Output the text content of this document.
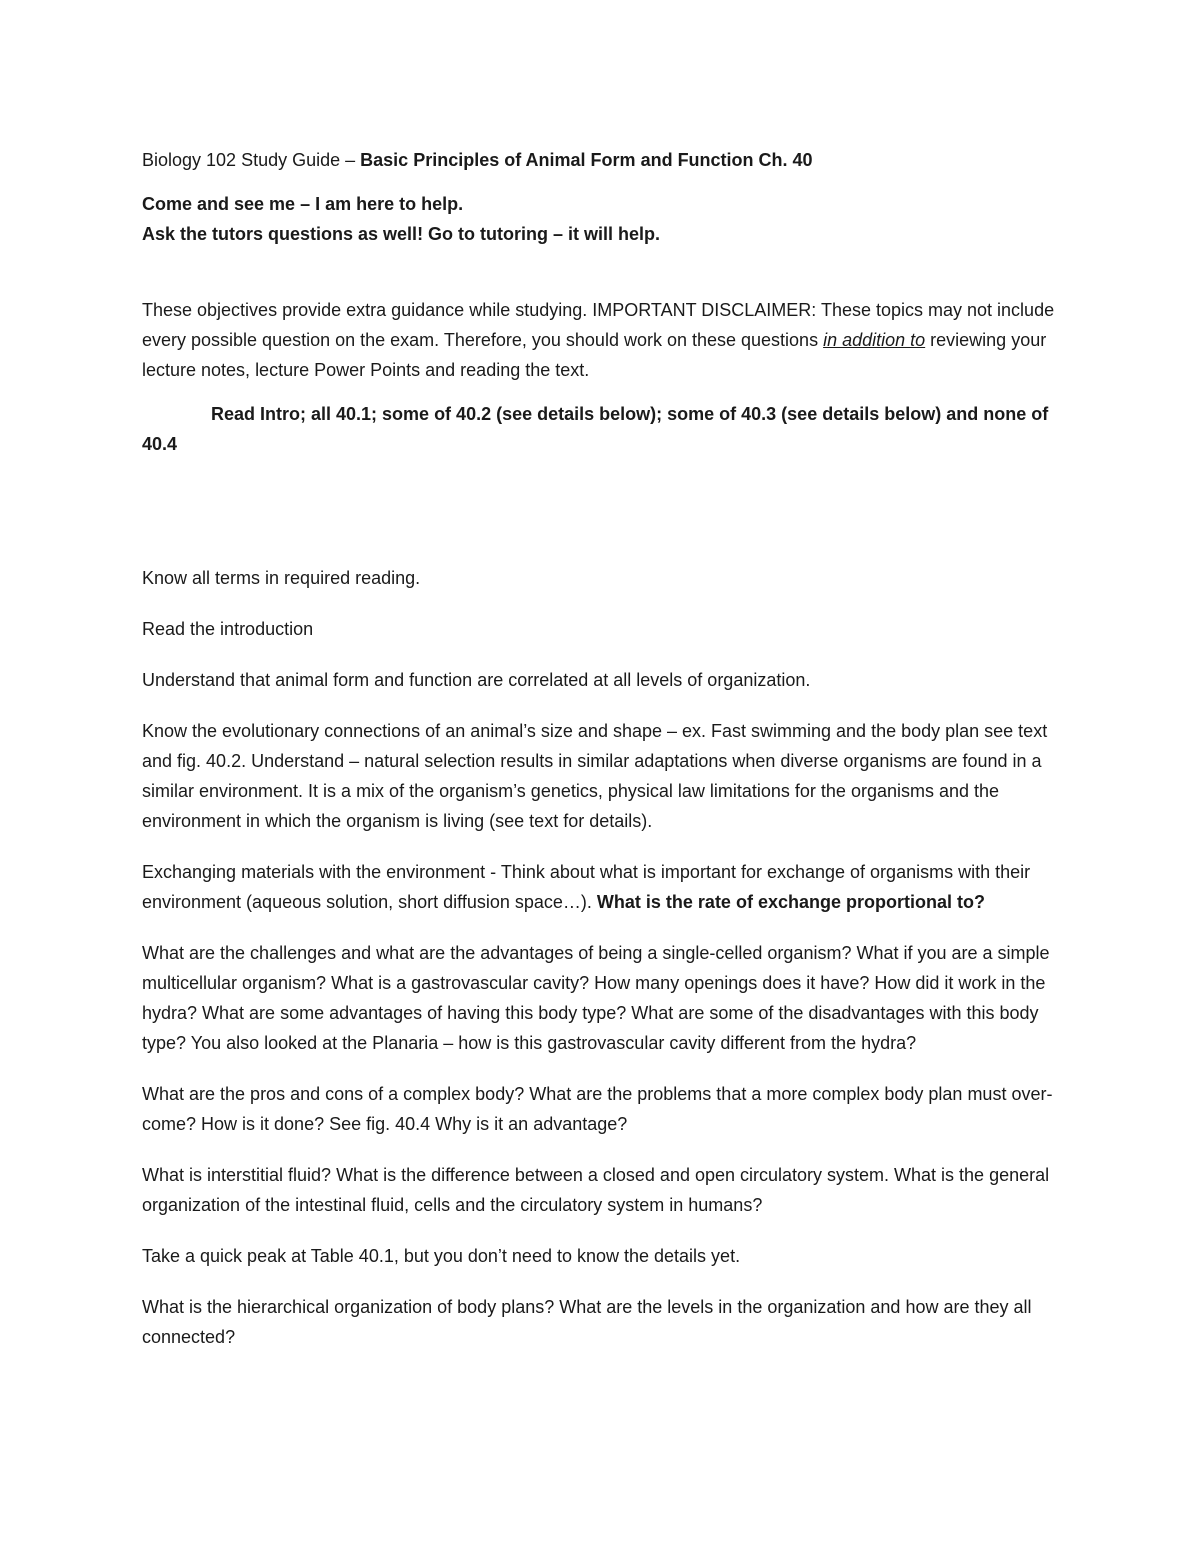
Biology 102 Study Guide – Basic Principles of Animal Form and Function Ch. 40

Come and see me – I am here to help.

Ask the tutors questions as well! Go to tutoring – it will help.

These objectives provide extra guidance while studying. IMPORTANT DISCLAIMER: These topics may not include every possible question on the exam. Therefore, you should work on these questions in addition to reviewing your lecture notes, lecture Power Points and reading the text.

Read Intro; all 40.1; some of 40.2 (see details below); some of 40.3 (see details below) and none of 40.4

Know all terms in required reading.

Read the introduction

Understand that animal form and function are correlated at all levels of organization.

Know the evolutionary connections of an animal’s size and shape – ex. Fast swimming and the body plan see text and fig. 40.2. Understand – natural selection results in similar adaptations when diverse organisms are found in a similar environment. It is a mix of the organism’s genetics, physical law limitations for the organisms and the environment in which the organism is living (see text for details).

Exchanging materials with the environment - Think about what is important for exchange of organisms with their environment (aqueous solution, short diffusion space…). What is the rate of exchange proportional to?

What are the challenges and what are the advantages of being a single-celled organism? What if you are a simple multicellular organism? What is a gastrovascular cavity? How many openings does it have? How did it work in the hydra? What are some advantages of having this body type? What are some of the disadvantages with this body type? You also looked at the Planaria – how is this gastrovascular cavity different from the hydra?

What are the pros and cons of a complex body? What are the problems that a more complex body plan must over-come? How is it done? See fig. 40.4 Why is it an advantage?

What is interstitial fluid? What is the difference between a closed and open circulatory system. What is the general organization of the intestinal fluid, cells and the circulatory system in humans?

Take a quick peak at Table 40.1, but you don’t need to know the details yet.

What is the hierarchical organization of body plans? What are the levels in the organization and how are they all connected?
